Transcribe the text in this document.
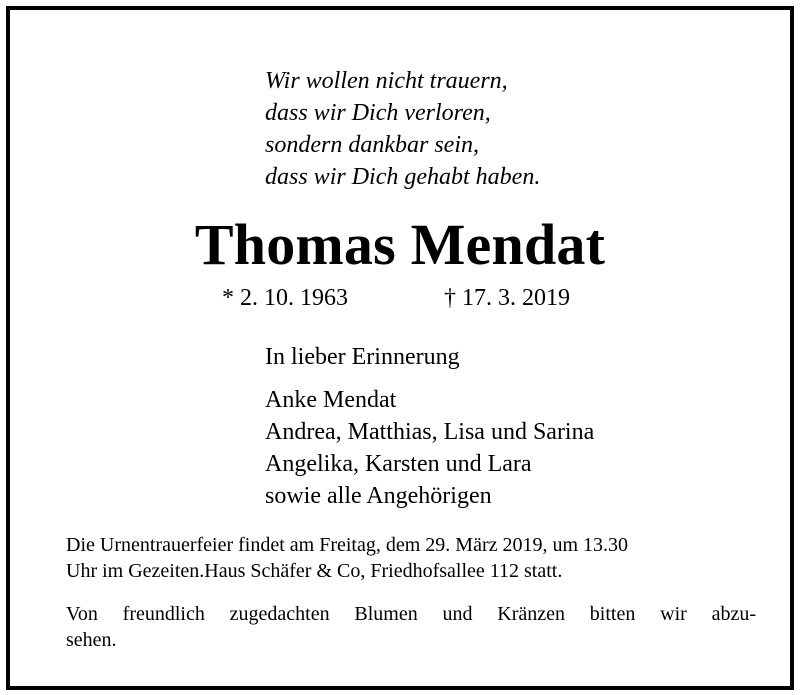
Wir wollen nicht trauern,
dass wir Dich verloren,
sondern dankbar sein,
dass wir Dich gehabt haben.
Thomas Mendat
* 2. 10. 1963	† 17. 3. 2019
In lieber Erinnerung
Anke Mendat
Andrea, Matthias, Lisa und Sarina
Angelika, Karsten und Lara
sowie alle Angehörigen
Die Urnentrauerfeier findet am Freitag, dem 29. März 2019, um 13.30
Uhr im Gezeiten.Haus Schäfer & Co, Friedhofsallee 112 statt.
Von freundlich zugedachten Blumen und Kränzen bitten wir abzu-
sehen.
